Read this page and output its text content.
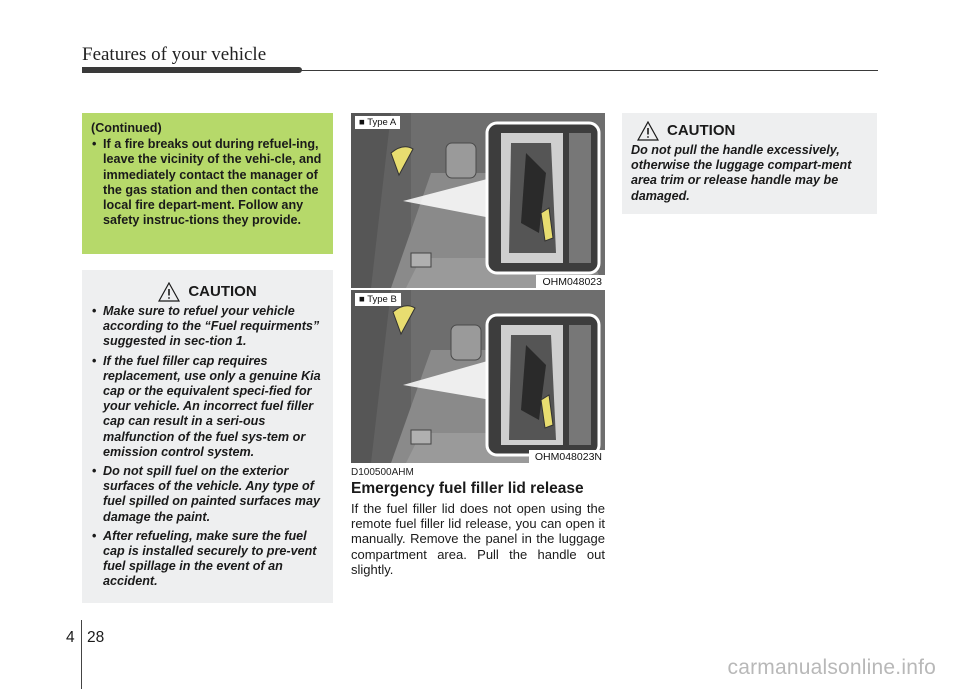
Features of your vehicle
(Continued)
• If a fire breaks out during refuel-ing, leave the vicinity of the vehi-cle, and immediately contact the manager of the gas station and then contact the local fire depart-ment. Follow any safety instruc-tions they provide.
CAUTION
• Make sure to refuel your vehicle according to the “Fuel requirments” suggested in sec-tion 1.
• If the fuel filler cap requires replacement, use only a genuine Kia cap or the equivalent speci-fied for your vehicle. An incorrect fuel filler cap can result in a seri-ous malfunction of the fuel sys-tem or emission control system.
• Do not spill fuel on the exterior surfaces of the vehicle. Any type of fuel spilled on painted surfaces may damage the paint.
• After refueling, make sure the fuel cap is installed securely to pre-vent fuel spillage in the event of an accident.
■ Type A
OHM048023
■ Type B
OHM048023N
D100500AHM
Emergency fuel filler lid release
If the fuel filler lid does not open using the remote fuel filler lid release, you can open it manually. Remove the panel in the luggage compartment area. Pull the handle out slightly.
CAUTION
Do not pull the handle excessively, otherwise the luggage compart-ment area trim or release handle may be damaged.
4 28
carmanualsonline.info
